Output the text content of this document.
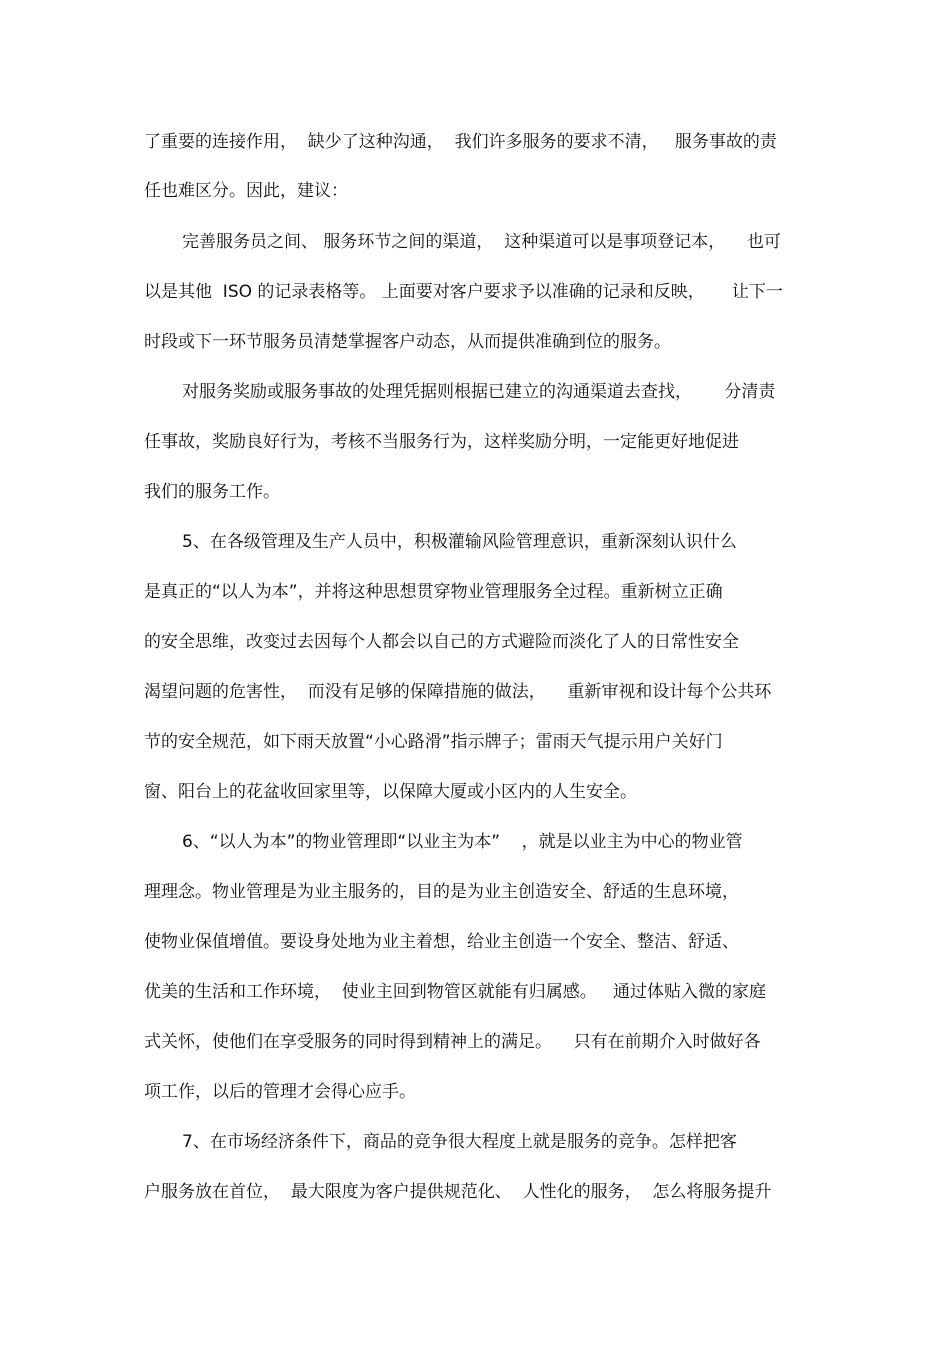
了重要的连接作用，  缺少了这种沟通，  我们许多服务的要求不清，   服务事故的责
任也难区分。因此，建议：
完善服务员之间、 服务环节之间的渠道，  这种渠道可以是事项登记本，    也可
以是其他  ISO 的记录表格等。 上面要对客户要求予以准确的记录和反映，     让下一
时段或下一环节服务员清楚掌握客户动态，从而提供准确到位的服务。
对服务奖励或服务事故的处理凭据则根据已建立的沟通渠道去查找，      分清责
任事故，奖励良好行为，考核不当服务行为，这样奖励分明，一定能更好地促进
我们的服务工作。
5、在各级管理及生产人员中，积极灌输风险管理意识，重新深刻认识什么
是真正的“以人为本”，并将这种思想贯穿物业管理服务全过程。重新树立正确
的安全思维，改变过去因每个人都会以自己的方式避险而淡化了人的日常性安全
渴望问题的危害性，  而没有足够的保障措施的做法，    重新审视和设计每个公共环
节的安全规范，如下雨天放置“小心路滑”指示牌子；雷雨天气提示用户关好门
窗、阳台上的花盆收回家里等，以保障大厦或小区内的人生安全。
6、“以人为本”的物业管理即“以业主为本”    ，就是以业主为中心的物业管
理理念。物业管理是为业主服务的，目的是为业主创造安全、舒适的生息环境，
使物业保值增值。要设身处地为业主着想，给业主创造一个安全、整洁、舒适、
优美的生活和工作环境，  使业主回到物管区就能有归属感。   通过体贴入微的家庭
式关怀，使他们在享受服务的同时得到精神上的满足。    只有在前期介入时做好各
项工作，以后的管理才会得心应手。
7、在市场经济条件下，商品的竞争很大程度上就是服务的竞争。怎样把客
户服务放在首位，  最大限度为客户提供规范化、  人性化的服务，  怎么将服务提升
